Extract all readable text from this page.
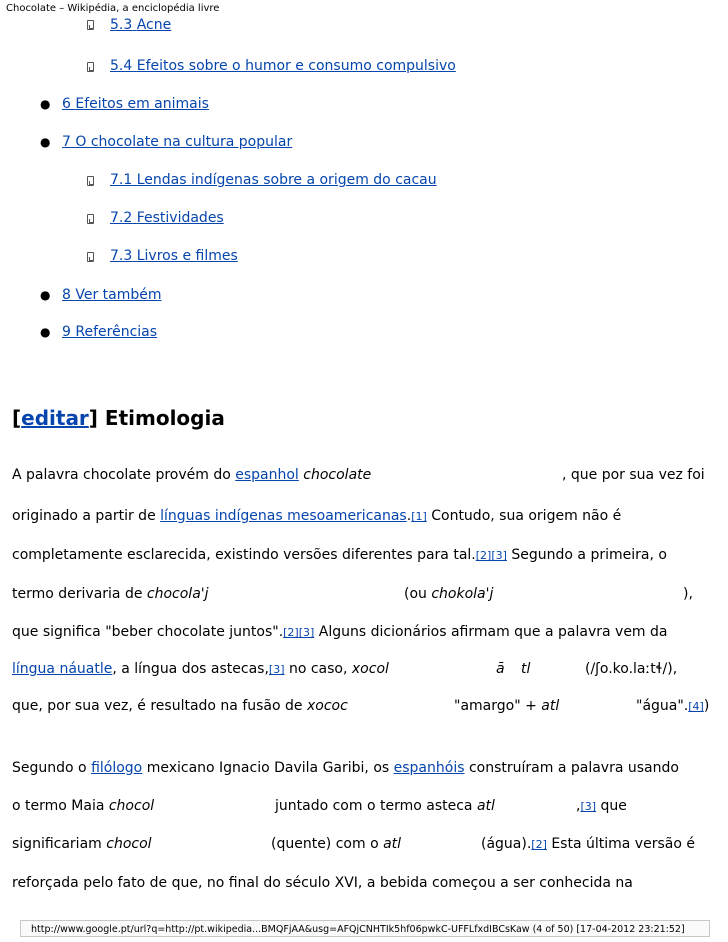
Chocolate – Wikipédia, a enciclopédia livre
5.3 Acne
5.4 Efeitos sobre o humor e consumo compulsivo
● 6 Efeitos em animais
● 7 O chocolate na cultura popular
7.1 Lendas indígenas sobre a origem do cacau
7.2 Festividades
7.3 Livros e filmes
● 8 Ver também
● 9 Referências
[editar] Etimologia
A palavra chocolate provém do espanhol chocolate	, que por sua vez foi
originado a partir de línguas indígenas mesoamericanas.[1] Contudo, sua origem não é
completamente esclarecida, existindo versões diferentes para tal.[2][3] Segundo a primeira, o
termo derivaria de chocola'j	(ou chokola'j	),
que significa "beber chocolate juntos".[2][3] Alguns dicionários afirmam que a palavra vem da
língua náuatle, a língua dos astecas,[3] no caso, xocol	ā tl	(/ʃo.ko.laːtɬ/),
que, por sua vez, é resultado na fusão de xococ	"amargo" + atl	"água".[4])
Segundo o filólogo mexicano Ignacio Davila Garibi, os espanhóis construíram a palavra usando
o termo Maia chocol	juntado com o termo asteca atl	,[3] que
significariam chocol	(quente) com o atl	(água).[2] Esta última versão é
reforçada pelo fato de que, no final do século XVI, a bebida começou a ser conhecida na
http://www.google.pt/url?q=http://pt.wikipedia...BMQFjAA&usg=AFQjCNHTIk5hf06pwkC-UFFLfxdIBCsKaw (4 of 50) [17-04-2012 23:21:52]
